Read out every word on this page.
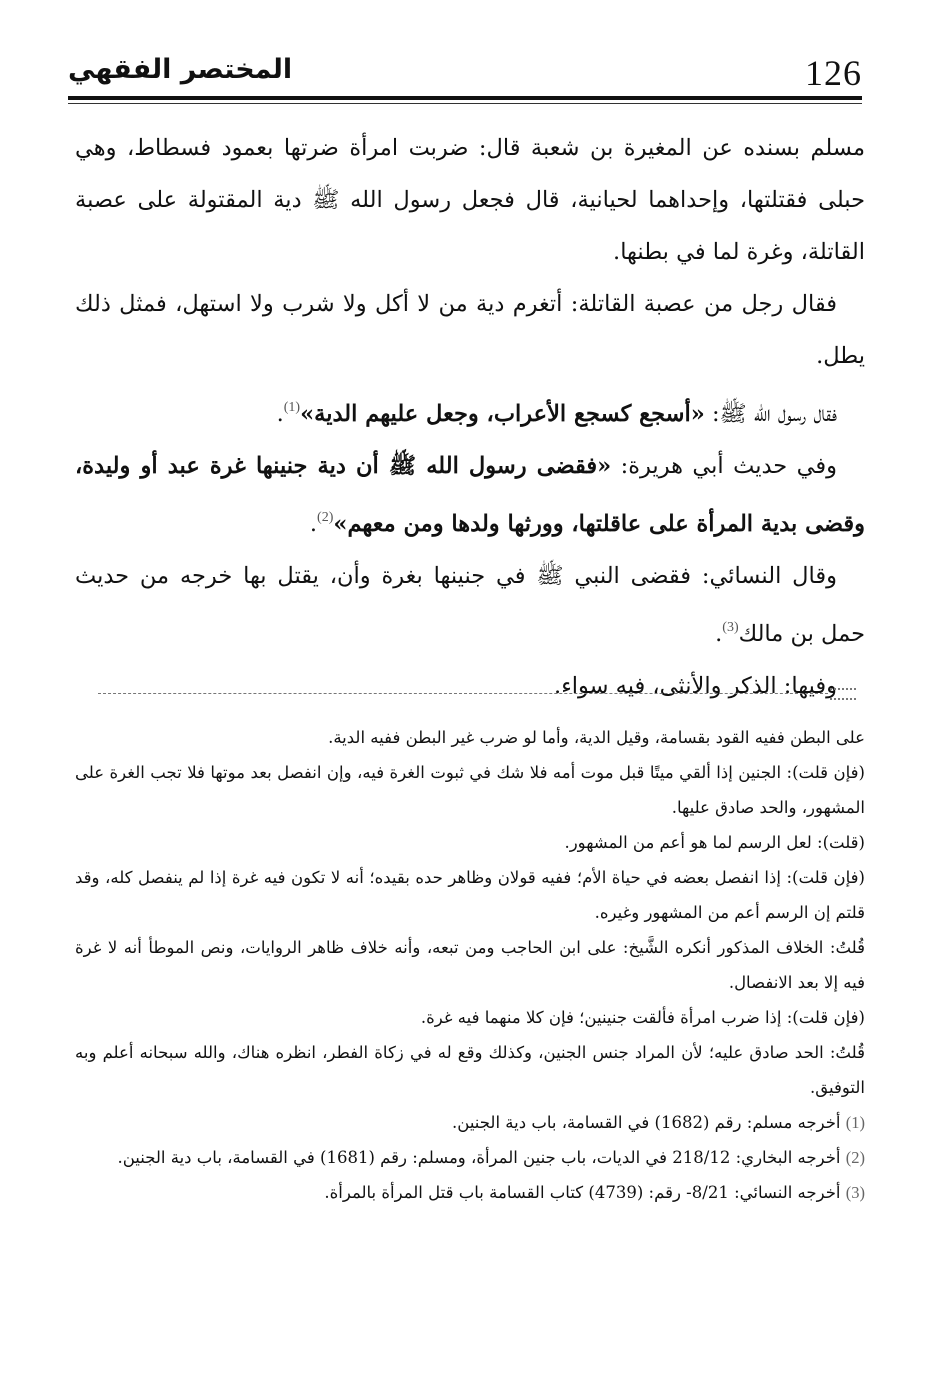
126
المختصر الفقهي

مسلم بسنده عن المغيرة بن شعبة قال: ضربت امرأة ضرتها بعمود فسطاط، وهي حبلى فقتلتها، وإحداهما لحيانية، قال فجعل رسول الله ﷺ دية المقتولة على عصبة القاتلة، وغرة لما في بطنها.

فقال رجل من عصبة القاتلة: أتغرم دية من لا أكل ولا شرب ولا استهل، فمثل ذلك يطل.

فقال رسول الله ﷺ: «أسجع كسجع الأعراب، وجعل عليهم الدية»$^{(1)}$.

وفي حديث أبي هريرة: «فقضى رسول الله ﷺ أن دية جنينها غرة عبد أو وليدة، وقضى بدية المرأة على عاقلتها، وورثها ولدها ومن معهم»$^{(2)}$.

وقال النسائي: فقضى النبي ﷺ في جنينها بغرة وأن، يقتل بها خرجه من حديث حمل بن مالك$^{(3)}$.

وفيها: الذكر والأنثى، فيه سواء.

على البطن ففيه القود بقسامة، وقيل الدية، وأما لو ضرب غير البطن ففيه الدية.

(فإن قلت): الجنين إذا ألقي ميتًا قبل موت أمه فلا شك في ثبوت الغرة فيه، وإن انفصل بعد موتها فلا تجب الغرة على المشهور، والحد صادق عليها.

(قلت): لعل الرسم لما هو أعم من المشهور.

(فإن قلت): إذا انفصل بعضه في حياة الأم؛ ففيه قولان وظاهر حده بقيده؛ أنه لا تكون فيه غرة إذا لم ينفصل كله، وقد قلتم إن الرسم أعم من المشهور وغيره.

قُلتُ: الخلاف المذكور أنكره الشَّيخ: على ابن الحاجب ومن تبعه، وأنه خلاف ظاهر الروايات، ونص الموطأ أنه لا غرة فيه إلا بعد الانفصال.

(فإن قلت): إذا ضرب امرأة فألقت جنينين؛ فإن كلا منهما فيه غرة.

قُلتُ: الحد صادق عليه؛ لأن المراد جنس الجنين، وكذلك وقع له في زكاة الفطر، انظره هناك، والله سبحانه أعلم وبه التوفيق.

(1) أخرجه مسلم: رقم (1682) في القسامة، باب دية الجنين.

(2) أخرجه البخاري: 218/12 في الديات، باب جنين المرأة، ومسلم: رقم (1681) في القسامة، باب دية الجنين.

(3) أخرجه النسائي: 8/21- رقم: (4739) كتاب القسامة باب قتل المرأة بالمرأة.
